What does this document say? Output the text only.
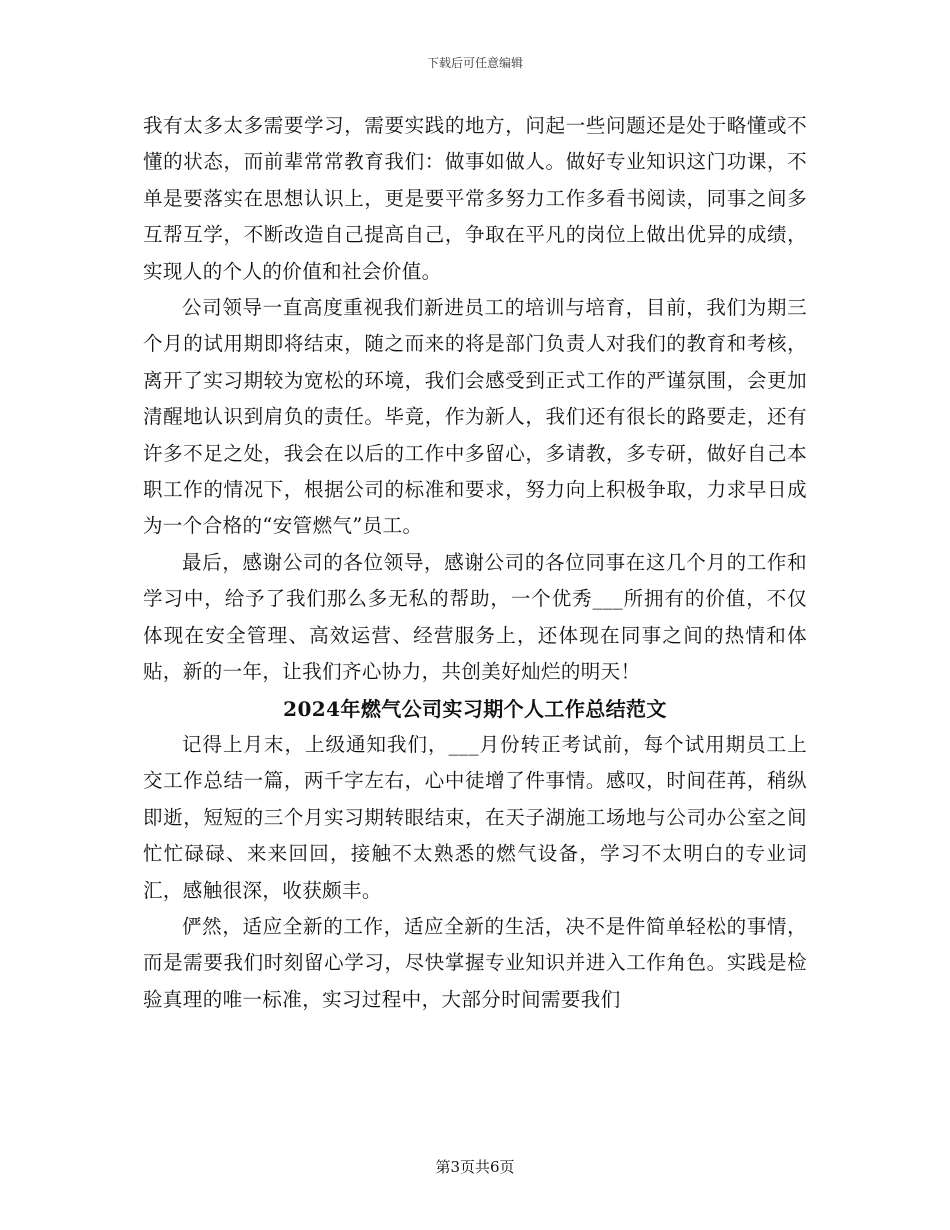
下载后可任意编辑

我有太多太多需要学习，需要实践的地方，问起一些问题还是处于略懂或不懂的状态，而前辈常常教育我们：做事如做人。做好专业知识这门功课，不单是要落实在思想认识上，更是要平常多努力工作多看书阅读，同事之间多互帮互学，不断改造自己提高自己，争取在平凡的岗位上做出优异的成绩，实现人的个人的价值和社会价值。

公司领导一直高度重视我们新进员工的培训与培育，目前，我们为期三个月的试用期即将结束，随之而来的将是部门负责人对我们的教育和考核，离开了实习期较为宽松的环境，我们会感受到正式工作的严谨氛围，会更加清醒地认识到肩负的责任。毕竟，作为新人，我们还有很长的路要走，还有许多不足之处，我会在以后的工作中多留心，多请教，多专研，做好自己本职工作的情况下，根据公司的标准和要求，努力向上积极争取，力求早日成为一个合格的“安管燃气”员工。

最后，感谢公司的各位领导，感谢公司的各位同事在这几个月的工作和学习中，给予了我们那么多无私的帮助，一个优秀___所拥有的价值，不仅体现在安全管理、高效运营、经营服务上，还体现在同事之间的热情和体贴，新的一年，让我们齐心协力，共创美好灿烂的明天！

2024年燃气公司实习期个人工作总结范文

记得上月末，上级通知我们，___月份转正考试前，每个试用期员工上交工作总结一篇，两千字左右，心中徒增了件事情。感叹，时间荏苒，稍纵即逝，短短的三个月实习期转眼结束，在天子湖施工场地与公司办公室之间忙忙碌碌、来来回回，接触不太熟悉的燃气设备，学习不太明白的专业词汇，感触很深，收获颇丰。

俨然，适应全新的工作，适应全新的生活，决不是件简单轻松的事情，而是需要我们时刻留心学习，尽快掌握专业知识并进入工作角色。实践是检验真理的唯一标准，实习过程中，大部分时间需要我们

第3页共6页
